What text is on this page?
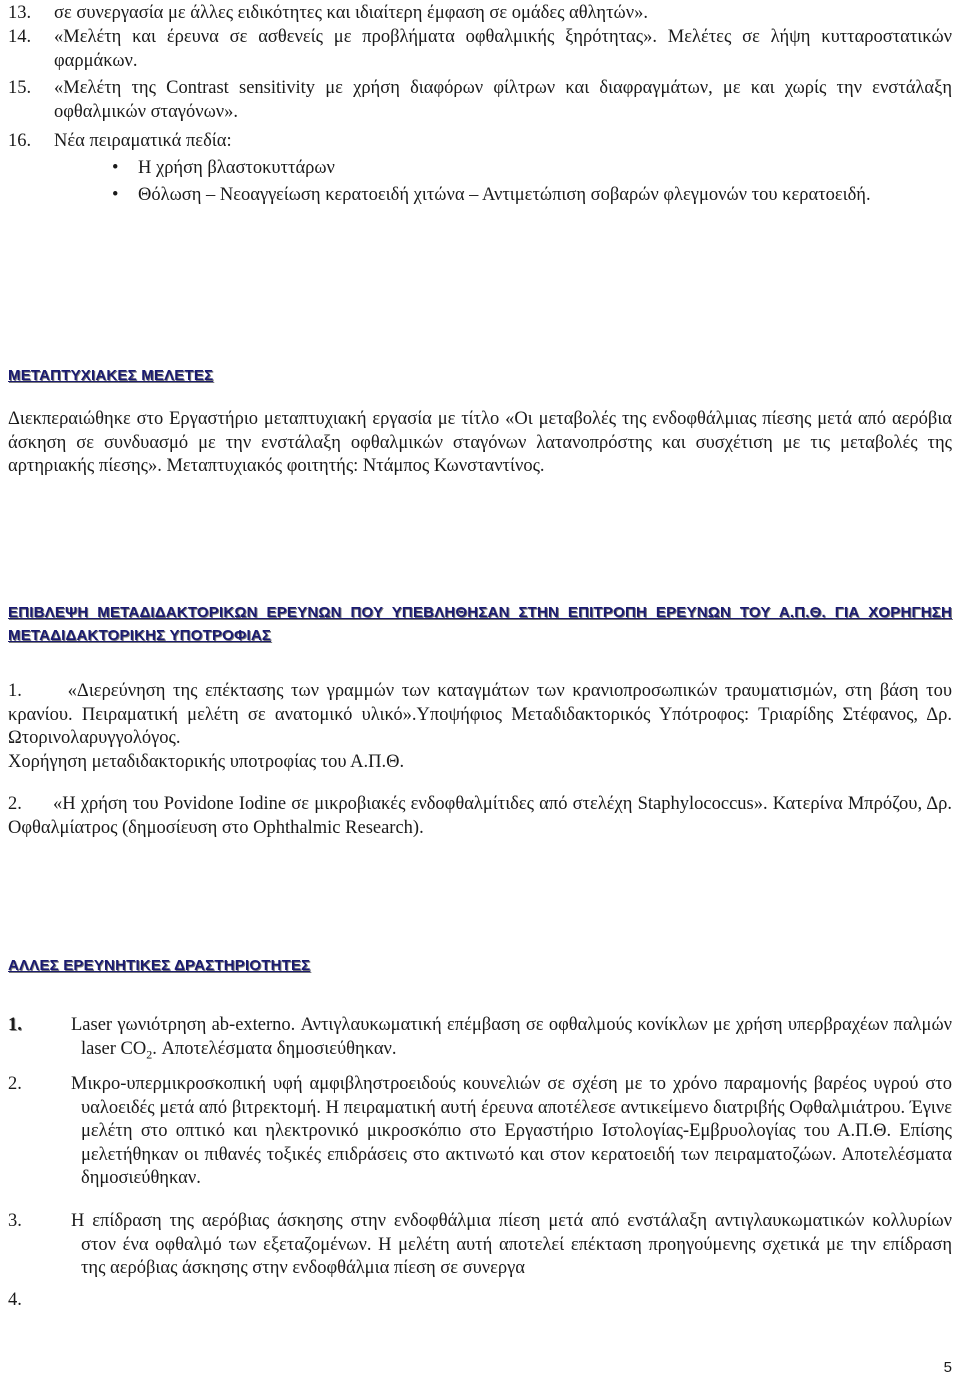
13.	σε συνεργασία με άλλες ειδικότητες και ιδιαίτερη έμφαση σε ομάδες αθλητών».
14.	«Μελέτη και έρευνα σε ασθενείς με προβλήματα οφθαλμικής ξηρότητας». Μελέτες σε λήψη κυτταροστατικών φαρμάκων.
15.	«Μελέτη της Contrast sensitivity με χρήση διαφόρων φίλτρων και διαφραγμάτων, με και χωρίς την ενστάλαξη οφθαλμικών σταγόνων».
16.	Νέα πειραματικά πεδία:
•	Η χρήση βλαστοκυττάρων
•	Θόλωση – Νεοαγγείωση κερατοειδή χιτώνα – Αντιμετώπιση σοβαρών φλεγμονών του κερατοειδή.
ΜΕΤΑΠΤΥΧΙΑΚΕΣ ΜΕΛΕΤΕΣ
Διεκπεραιώθηκε στο Εργαστήριο μεταπτυχιακή εργασία με τίτλο «Οι μεταβολές της ενδοφθάλμιας πίεσης μετά από αερόβια άσκηση σε συνδυασμό με την ενστάλαξη οφθαλμικών σταγόνων λατανοπρόστης και συσχέτιση με τις μεταβολές της αρτηριακής πίεσης». Μεταπτυχιακός φοιτητής: Ντάμπος Κωνσταντίνος.
ΕΠΙΒΛΕΨΗ ΜΕΤΑΔΙΔΑΚΤΟΡΙΚΩΝ ΕΡΕΥΝΩΝ ΠΟΥ ΥΠΕΒΛΗΘΗΣΑΝ ΣΤΗΝ ΕΠΙΤΡΟΠΗ ΕΡΕΥΝΩΝ ΤΟΥ Α.Π.Θ. ΓΙΑ ΧΟΡΗΓΗΣΗ ΜΕΤΑΔΙΔΑΚΤΟΡΙΚΗΣ ΥΠΟΤΡΟΦΙΑΣ
1. «Διερεύνηση της επέκτασης των γραμμών των καταγμάτων των κρανιοπροσωπικών τραυματισμών, στη βάση του κρανίου. Πειραματική μελέτη σε ανατομικό υλικό».Υποψήφιος Μεταδιδακτορικός Υπότροφος: Τριαρίδης Στέφανος, Δρ. Ωτορινολαρυγγολόγος.
Χορήγηση μεταδιδακτορικής υποτροφίας του Α.Π.Θ.
2. «Η χρήση του Povidone Iodine σε μικροβιακές ενδοφθαλμίτιδες από στελέχη Staphylococcus». Κατερίνα Μπρόζου, Δρ. Οφθαλμίατρος (δημοσίευση στο Ophthalmic Research).
ΑΛΛΕΣ ΕΡΕΥΝΗΤΙΚΕΣ ΔΡΑΣΤΗΡΙΟΤΗΤΕΣ
1.	Laser γωνιότρηση ab-externo. Αντιγλαυκωματική επέμβαση σε οφθαλμούς κονίκλων με χρήση υπερβραχέων παλμών laser $CO_2$. Αποτελέσματα δημοσιεύθηκαν.
2.	Μικρο-υπερμικροσκοπική υφή αμφιβληστροειδούς κουνελιών σε σχέση με το χρόνο παραμονής βαρέος υγρού στο υαλοειδές μετά από βιτρεκτομή. Η πειραματική αυτή έρευνα αποτέλεσε αντικείμενο διατριβής Οφθαλμιάτρου. Έγινε μελέτη στο οπτικό και ηλεκτρονικό μικροσκόπιο στο Εργαστήριο Ιστολογίας-Εμβρυολογίας του Α.Π.Θ. Επίσης μελετήθηκαν οι πιθανές τοξικές επιδράσεις στο ακτινωτό και στον κερατοειδή των πειραματοζώων. Αποτελέσματα δημοσιεύθηκαν.
3.	Η επίδραση της αερόβιας άσκησης στην ενδοφθάλμια πίεση μετά από ενστάλαξη αντιγλαυκωματικών κολλυρίων στον ένα οφθαλμό των εξεταζομένων. Η μελέτη αυτή αποτελεί επέκταση προηγούμενης σχετικά με την επίδραση της αερόβιας άσκησης στην ενδοφθάλμια πίεση σε συνεργα
4.
5
